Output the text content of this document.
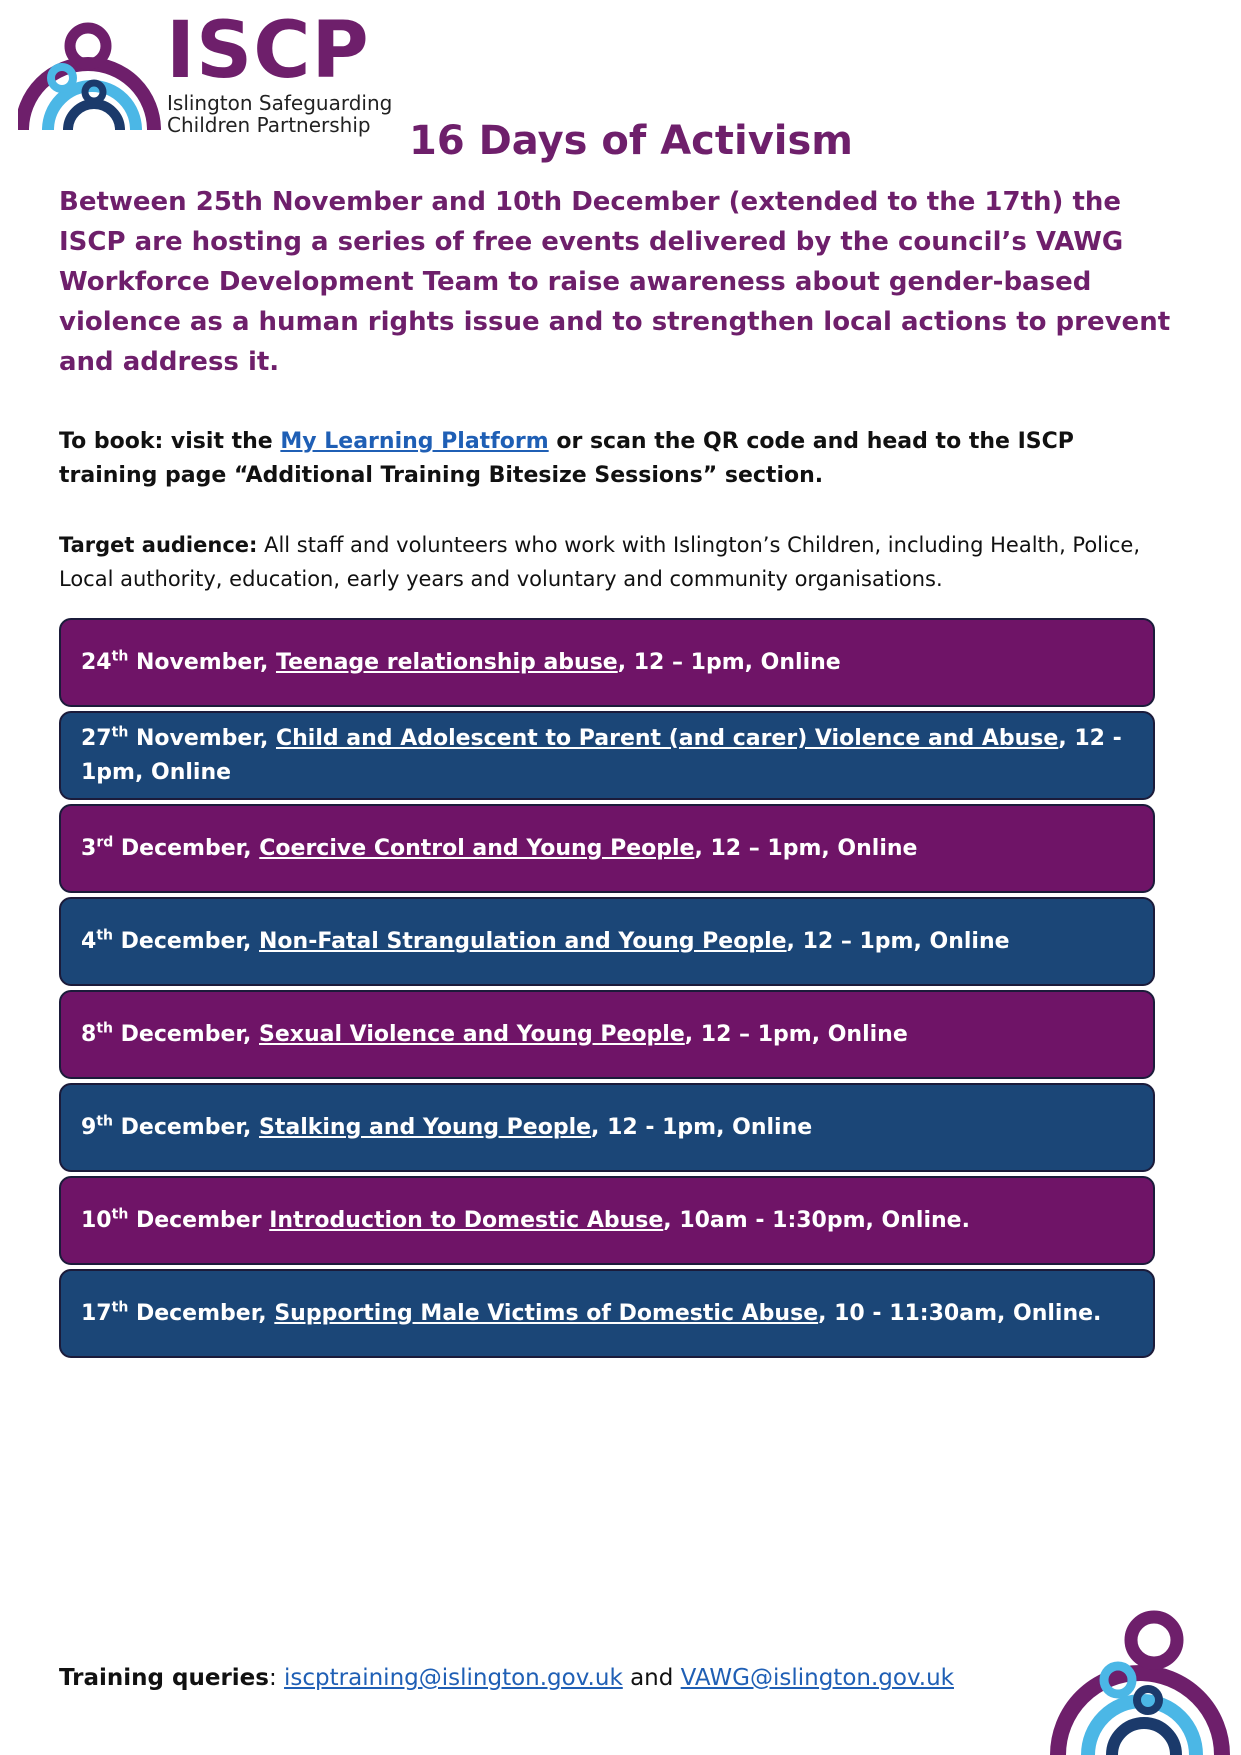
ISCP
Islington Safeguarding
Children Partnership 16 Days of Activism
Between 25th November and 10th December (extended to the 17th) the ISCP are hosting a series of free events delivered by the council’s VAWG Workforce Development Team to raise awareness about gender-based violence as a human rights issue and to strengthen local actions to prevent and address it.
To book: visit the My Learning Platform or scan the QR code and head to the ISCP training page “Additional Training Bitesize Sessions” section.
Target audience: All staff and volunteers who work with Islington’s Children, including Health, Police, Local authority, education, early years and voluntary and community organisations.
24th November, Teenage relationship abuse, 12 – 1pm, Online
27th November, Child and Adolescent to Parent (and carer) Violence and Abuse, 12 - 1pm, Online
3rd December, Coercive Control and Young People, 12 – 1pm, Online
4th December, Non-Fatal Strangulation and Young People, 12 – 1pm, Online
8th December, Sexual Violence and Young People, 12 – 1pm, Online
9th December, Stalking and Young People, 12 - 1pm, Online
10th December Introduction to Domestic Abuse, 10am - 1:30pm, Online.
17th December, Supporting Male Victims of Domestic Abuse, 10 - 11:30am, Online.
Training queries: iscptraining@islington.gov.uk and VAWG@islington.gov.uk
